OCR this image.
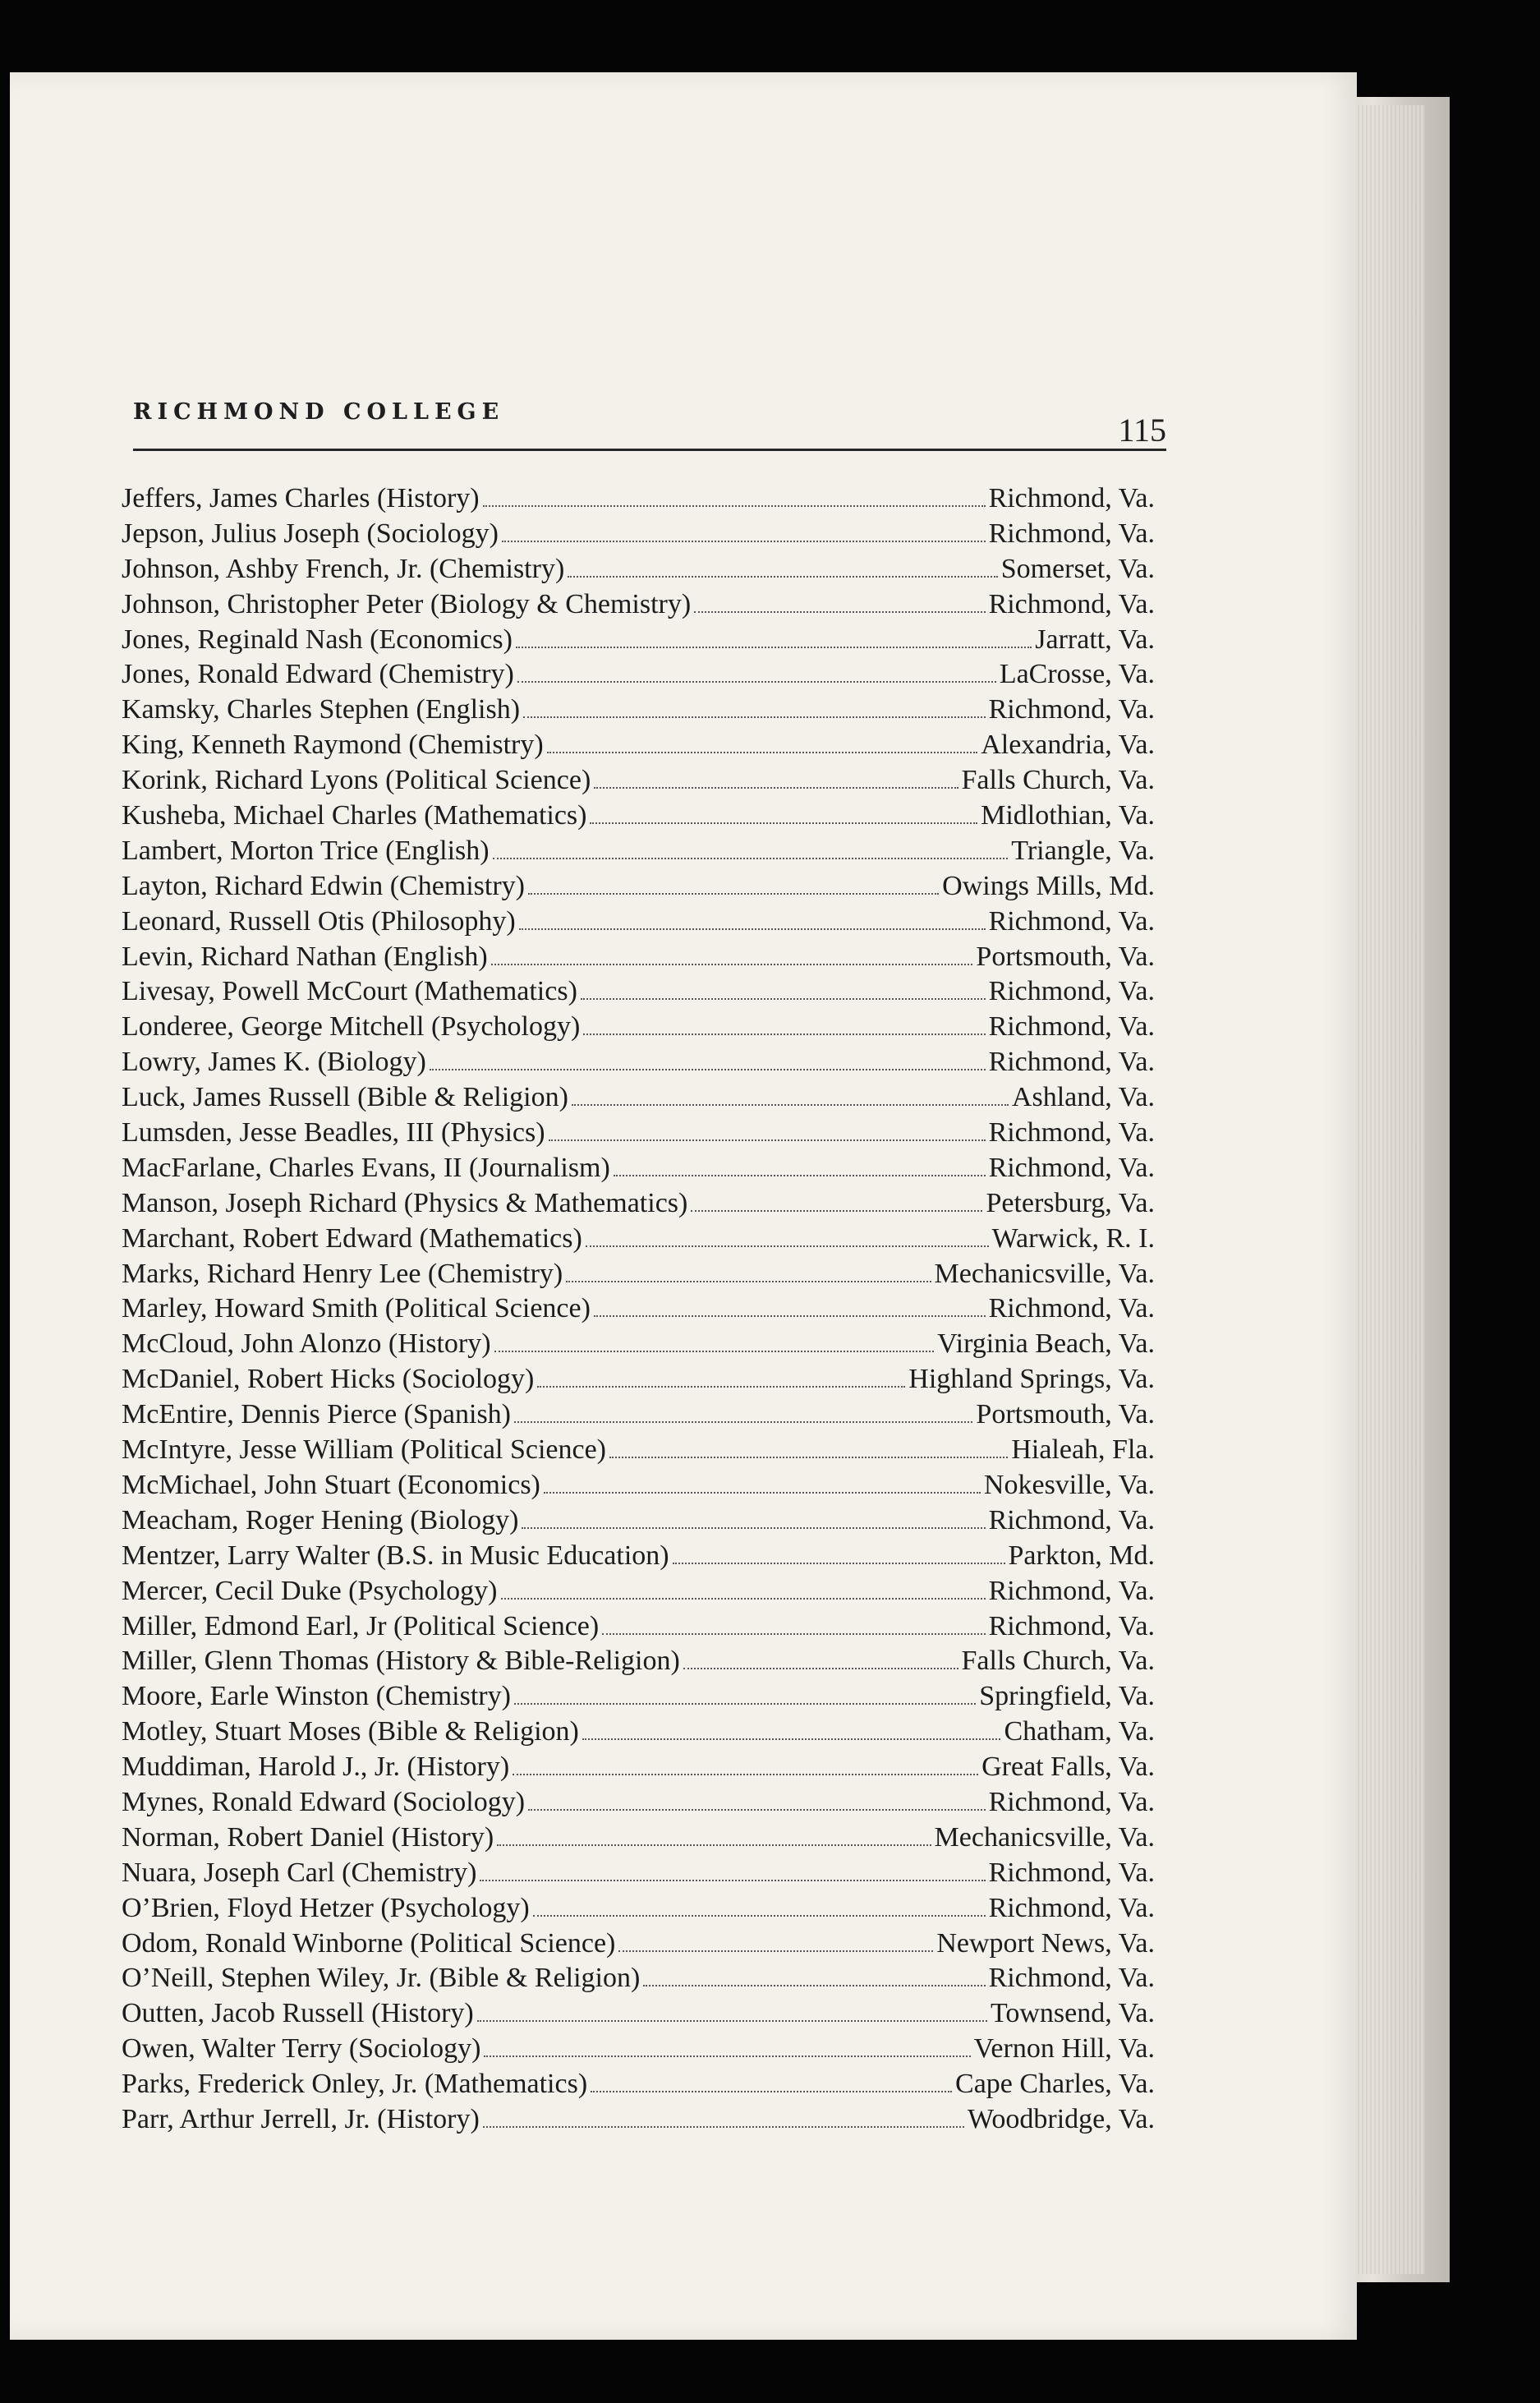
RICHMOND COLLEGE	115
Jeffers, James Charles (History)	Richmond, Va.
Jepson, Julius Joseph (Sociology)	Richmond, Va.
Johnson, Ashby French, Jr. (Chemistry)	Somerset, Va.
Johnson, Christopher Peter (Biology & Chemistry)	Richmond, Va.
Jones, Reginald Nash (Economics)	Jarratt, Va.
Jones, Ronald Edward (Chemistry)	LaCrosse, Va.
Kamsky, Charles Stephen (English)	Richmond, Va.
King, Kenneth Raymond (Chemistry)	Alexandria, Va.
Korink, Richard Lyons (Political Science)	Falls Church, Va.
Kusheba, Michael Charles (Mathematics)	Midlothian, Va.
Lambert, Morton Trice (English)	Triangle, Va.
Layton, Richard Edwin (Chemistry)	Owings Mills, Md.
Leonard, Russell Otis (Philosophy)	Richmond, Va.
Levin, Richard Nathan (English)	Portsmouth, Va.
Livesay, Powell McCourt (Mathematics)	Richmond, Va.
Londeree, George Mitchell (Psychology)	Richmond, Va.
Lowry, James K. (Biology)	Richmond, Va.
Luck, James Russell (Bible & Religion)	Ashland, Va.
Lumsden, Jesse Beadles, III (Physics)	Richmond, Va.
MacFarlane, Charles Evans, II (Journalism)	Richmond, Va.
Manson, Joseph Richard (Physics & Mathematics)	Petersburg, Va.
Marchant, Robert Edward (Mathematics)	Warwick, R. I.
Marks, Richard Henry Lee (Chemistry)	Mechanicsville, Va.
Marley, Howard Smith (Political Science)	Richmond, Va.
McCloud, John Alonzo (History)	Virginia Beach, Va.
McDaniel, Robert Hicks (Sociology)	Highland Springs, Va.
McEntire, Dennis Pierce (Spanish)	Portsmouth, Va.
McIntyre, Jesse William (Political Science)	Hialeah, Fla.
McMichael, John Stuart (Economics)	Nokesville, Va.
Meacham, Roger Hening (Biology)	Richmond, Va.
Mentzer, Larry Walter (B.S. in Music Education)	Parkton, Md.
Mercer, Cecil Duke (Psychology)	Richmond, Va.
Miller, Edmond Earl, Jr (Political Science)	Richmond, Va.
Miller, Glenn Thomas (History & Bible-Religion)	Falls Church, Va.
Moore, Earle Winston (Chemistry)	Springfield, Va.
Motley, Stuart Moses (Bible & Religion)	Chatham, Va.
Muddiman, Harold J., Jr. (History)	Great Falls, Va.
Mynes, Ronald Edward (Sociology)	Richmond, Va.
Norman, Robert Daniel (History)	Mechanicsville, Va.
Nuara, Joseph Carl (Chemistry)	Richmond, Va.
O’Brien, Floyd Hetzer (Psychology)	Richmond, Va.
Odom, Ronald Winborne (Political Science)	Newport News, Va.
O’Neill, Stephen Wiley, Jr. (Bible & Religion)	Richmond, Va.
Outten, Jacob Russell (History)	Townsend, Va.
Owen, Walter Terry (Sociology)	Vernon Hill, Va.
Parks, Frederick Onley, Jr. (Mathematics)	Cape Charles, Va.
Parr, Arthur Jerrell, Jr. (History)	Woodbridge, Va.
